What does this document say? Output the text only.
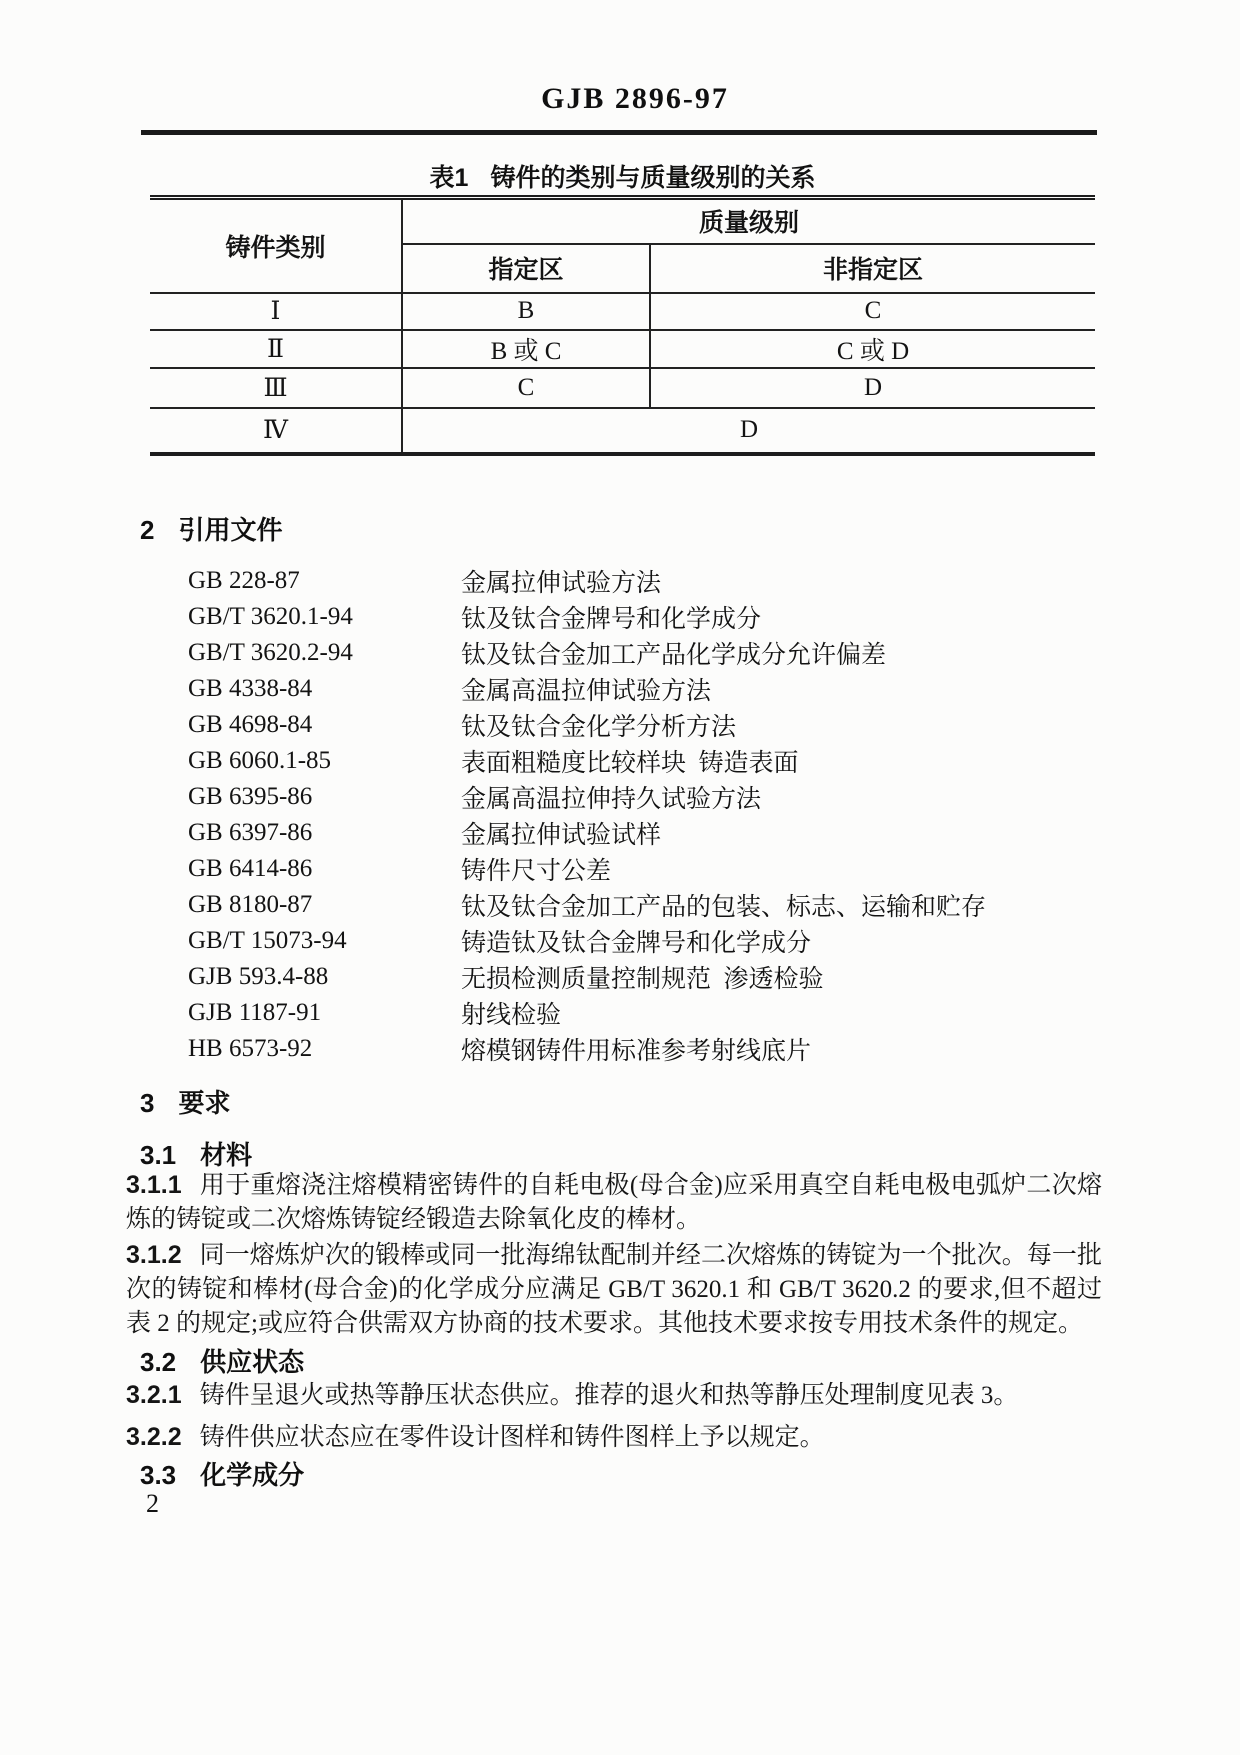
GJB 2896-97
表1 铸件的类别与质量级别的关系
铸件类别	质量级别	
	指定区	非指定区
Ⅰ	B	C
Ⅱ	B 或 C	C 或 D
Ⅲ	C	D
Ⅳ	D	
2 引用文件
GB 228-87	金属拉伸试验方法
GB/T 3620.1-94	钛及钛合金牌号和化学成分
GB/T 3620.2-94	钛及钛合金加工产品化学成分允许偏差
GB 4338-84	金属高温拉伸试验方法
GB 4698-84	钛及钛合金化学分析方法
GB 6060.1-85	表面粗糙度比较样块  铸造表面
GB 6395-86	金属高温拉伸持久试验方法
GB 6397-86	金属拉伸试验试样
GB 6414-86	铸件尺寸公差
GB 8180-87	钛及钛合金加工产品的包装、标志、运输和贮存
GB/T 15073-94	铸造钛及钛合金牌号和化学成分
GJB 593.4-88	无损检测质量控制规范  渗透检验
GJB 1187-91	射线检验
HB 6573-92	熔模钢铸件用标准参考射线底片
3 要求
3.1 材料

3.1.1 用于重熔浇注熔模精密铸件的自耗电极(母合金)应采用真空自耗电极电弧炉二次熔炼的铸锭或二次熔炼铸锭经锻造去除氧化皮的棒材。

3.1.2 同一熔炼炉次的锻棒或同一批海绵钛配制并经二次熔炼的铸锭为一个批次。每一批次的铸锭和棒材(母合金)的化学成分应满足 GB/T 3620.1 和 GB/T 3620.2 的要求,但不超过表 2 的规定;或应符合供需双方协商的技术要求。其他技术要求按专用技术条件的规定。

3.2 供应状态

3.2.1 铸件呈退火或热等静压状态供应。推荐的退火和热等静压处理制度见表 3。

3.2.2 铸件供应状态应在零件设计图样和铸件图样上予以规定。

3.3 化学成分
2
